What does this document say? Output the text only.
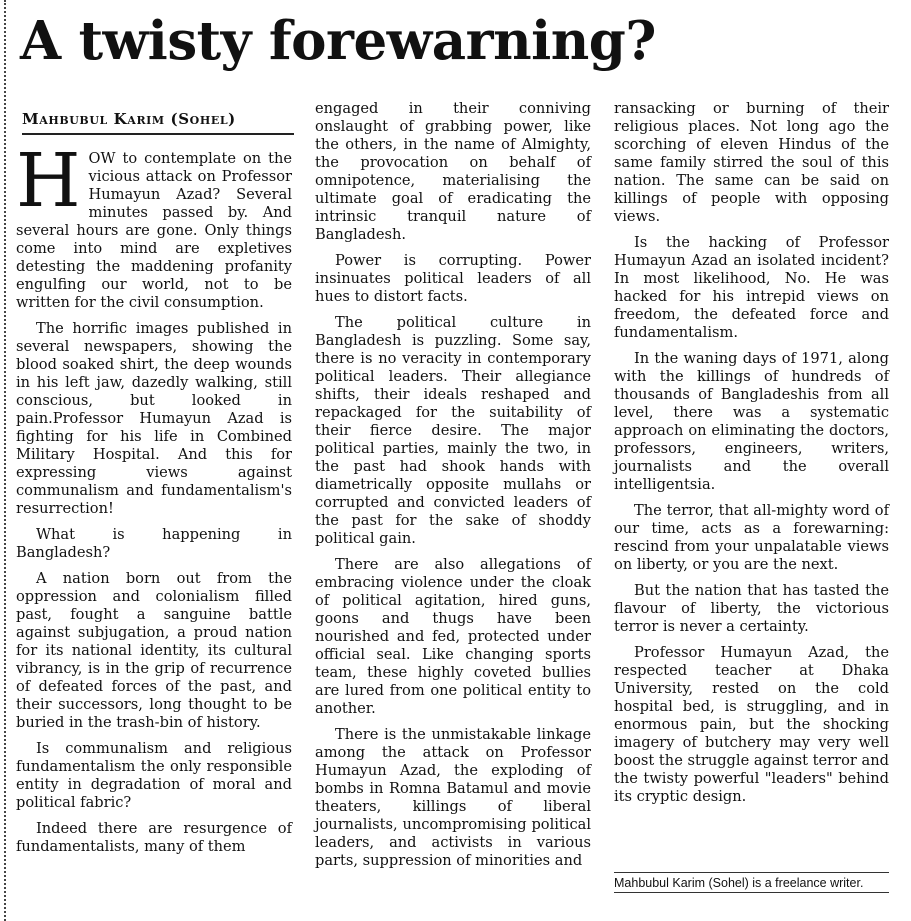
A twisty forewarning?
Mahbubul Karim (Sohel)

HOW to contemplate on the vicious attack on Professor Humayun Azad? Several minutes passed by. And several hours are gone. Only things come into mind are expletives detesting the maddening profanity engulfing our world, not to be written for the civil consumption.

The horrific images published in several newspapers, showing the blood soaked shirt, the deep wounds in his left jaw, dazedly walking, still conscious, but looked in pain.Professor Humayun Azad is fighting for his life in Combined Military Hospital. And this for expressing views against communalism and fundamentalism's resurrection!

What is happening in Bangladesh?

A nation born out from the oppression and colonialism filled past, fought a sanguine battle against subjugation, a proud nation for its national identity, its cultural vibrancy, is in the grip of recurrence of defeated forces of the past, and their successors, long thought to be buried in the trash-bin of history.

Is communalism and religious fundamentalism the only responsible entity in degradation of moral and political fabric?

Indeed there are resurgence of fundamentalists, many of them

engaged in their conniving onslaught of grabbing power, like the others, in the name of Almighty, the provocation on behalf of omnipotence, materialising the ultimate goal of eradicating the intrinsic tranquil nature of Bangladesh.

Power is corrupting. Power insinuates political leaders of all hues to distort facts.

The political culture in Bangladesh is puzzling. Some say, there is no veracity in contemporary political leaders. Their allegiance shifts, their ideals reshaped and repackaged for the suitability of their fierce desire. The major political parties, mainly the two, in the past had shook hands with diametrically opposite mullahs or corrupted and convicted leaders of the past for the sake of shoddy political gain.

There are also allegations of embracing violence under the cloak of political agitation, hired guns, goons and thugs have been nourished and fed, protected under official seal. Like changing sports team, these highly coveted bullies are lured from one political entity to another.

There is the unmistakable linkage among the attack on Professor Humayun Azad, the exploding of bombs in Romna Batamul and movie theaters, killings of liberal journalists, uncompromising political leaders, and activists in various parts, suppression of minorities and

ransacking or burning of their religious places. Not long ago the scorching of eleven Hindus of the same family stirred the soul of this nation. The same can be said on killings of people with opposing views.

Is the hacking of Professor Humayun Azad an isolated incident? In most likelihood, No. He was hacked for his intrepid views on freedom, the defeated force and fundamentalism.

In the waning days of 1971, along with the killings of hundreds of thousands of Bangladeshis from all level, there was a systematic approach on eliminating the doctors, professors, engineers, writers, journalists and the overall intelligentsia.

The terror, that all-mighty word of our time, acts as a forewarning: rescind from your unpalatable views on liberty, or you are the next.

But the nation that has tasted the flavour of liberty, the victorious terror is never a certainty.

Professor Humayun Azad, the respected teacher at Dhaka University, rested on the cold hospital bed, is struggling, and in enormous pain, but the shocking imagery of butchery may very well boost the struggle against terror and the twisty powerful "leaders" behind its cryptic design.

Mahbubul Karim (Sohel) is a freelance writer.
